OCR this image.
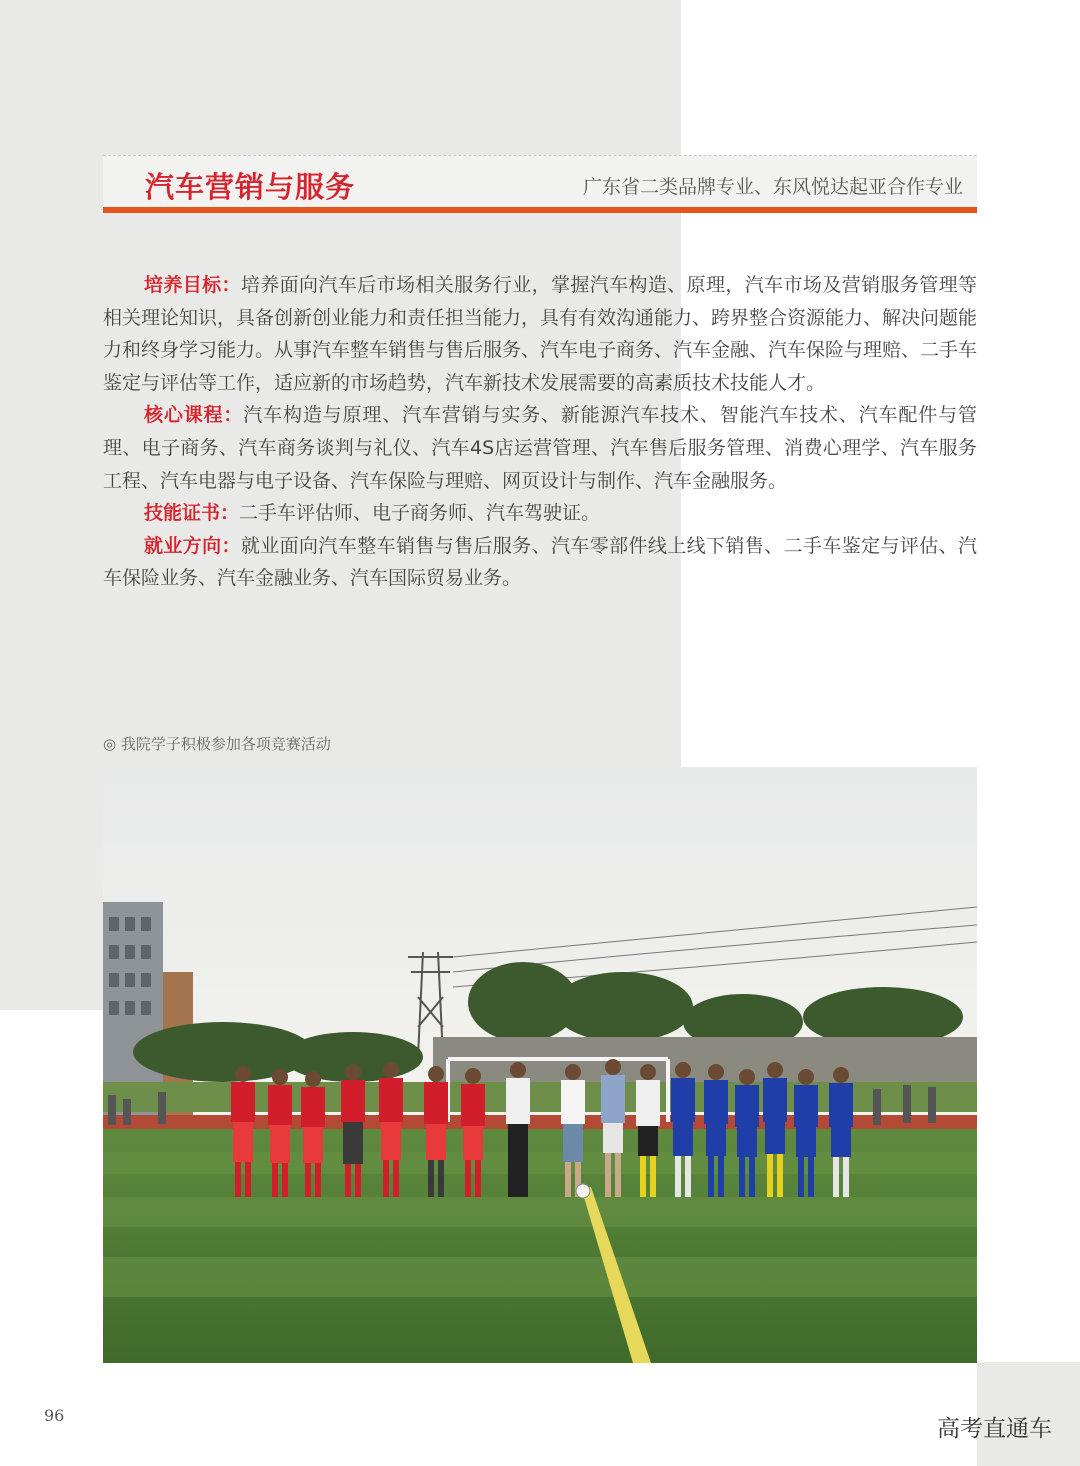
汽车营销与服务	广东省二类品牌专业、东风悦达起亚合作专业

培养目标：培养面向汽车后市场相关服务行业，掌握汽车构造、原理，汽车市场及营销服务管理等相关理论知识，具备创新创业能力和责任担当能力，具有有效沟通能力、跨界整合资源能力、解决问题能力和终身学习能力。从事汽车整车销售与售后服务、汽车电子商务、汽车金融、汽车保险与理赔、二手车鉴定与评估等工作，适应新的市场趋势，汽车新技术发展需要的高素质技术技能人才。

核心课程：汽车构造与原理、汽车营销与实务、新能源汽车技术、智能汽车技术、汽车配件与管理、电子商务、汽车商务谈判与礼仪、汽车4S店运营管理、汽车售后服务管理、消费心理学、汽车服务工程、汽车电器与电子设备、汽车保险与理赔、网页设计与制作、汽车金融服务。

技能证书：二手车评估师、电子商务师、汽车驾驶证。

就业方向：就业面向汽车整车销售与售后服务、汽车零部件线上线下销售、二手车鉴定与评估、汽车保险业务、汽车金融业务、汽车国际贸易业务。

◎ 我院学子积极参加各项竞赛活动
96
高考直通车
